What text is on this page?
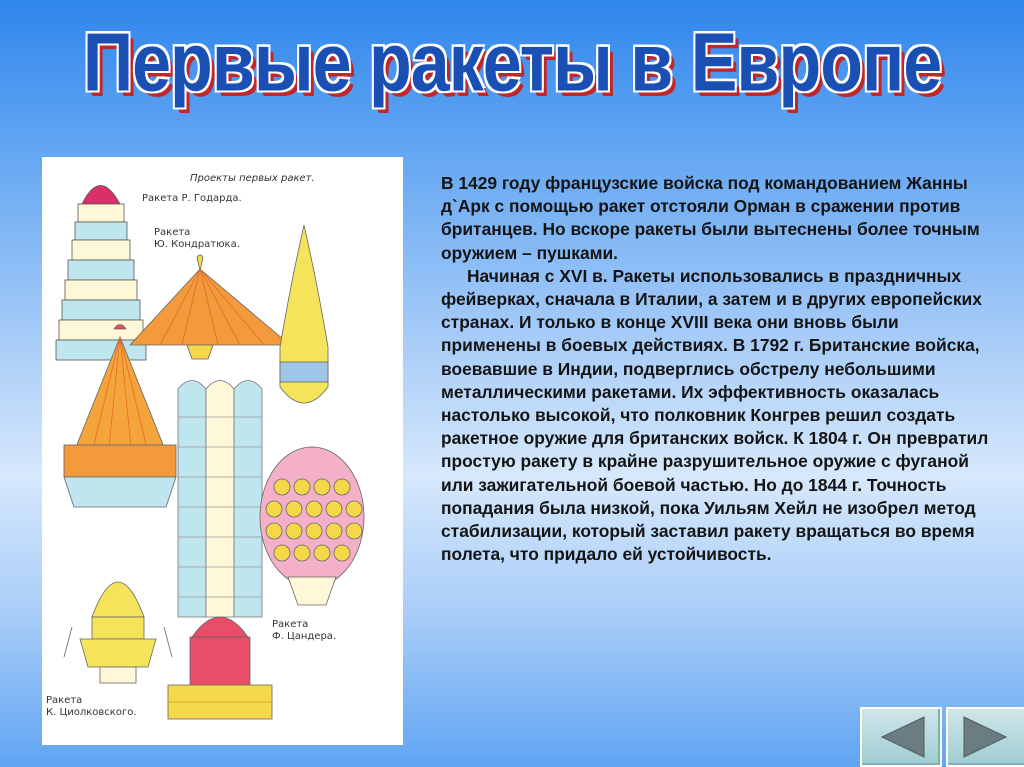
Первые ракеты в Европе
Проекты первых ракет.
Ракета Р. Годарда.
Ракета
Ю. Кондратюка.
Ракета
Ф. Цандера.
Ракета
К. Циолковского.

В 1429 году французские войска под командованием Жанны д`Арк с помощью ракет отстояли Орман в сражении против британцев. Но вскоре ракеты были вытеснены более точным оружием – пушками.

Начиная с XVI в. Ракеты использовались в праздничных фейверках, сначала в Италии, а затем и в других европейских странах. И только в конце XVIII века они вновь были применены в боевых действиях. В 1792 г. Британские войска, воевавшие в Индии, подверглись обстрелу небольшими металлическими ракетами. Их эффективность оказалась настолько высокой, что полковник Конгрев решил создать ракетное оружие для британских войск. К 1804 г. Он превратил простую ракету в крайне разрушительное оружие с фуганой или зажигательной боевой частью. Но до 1844 г. Точность попадания была низкой, пока Уильям Хейл не изобрел метод стабилизации, который заставил ракету вращаться во время полета, что придало ей устойчивость.
